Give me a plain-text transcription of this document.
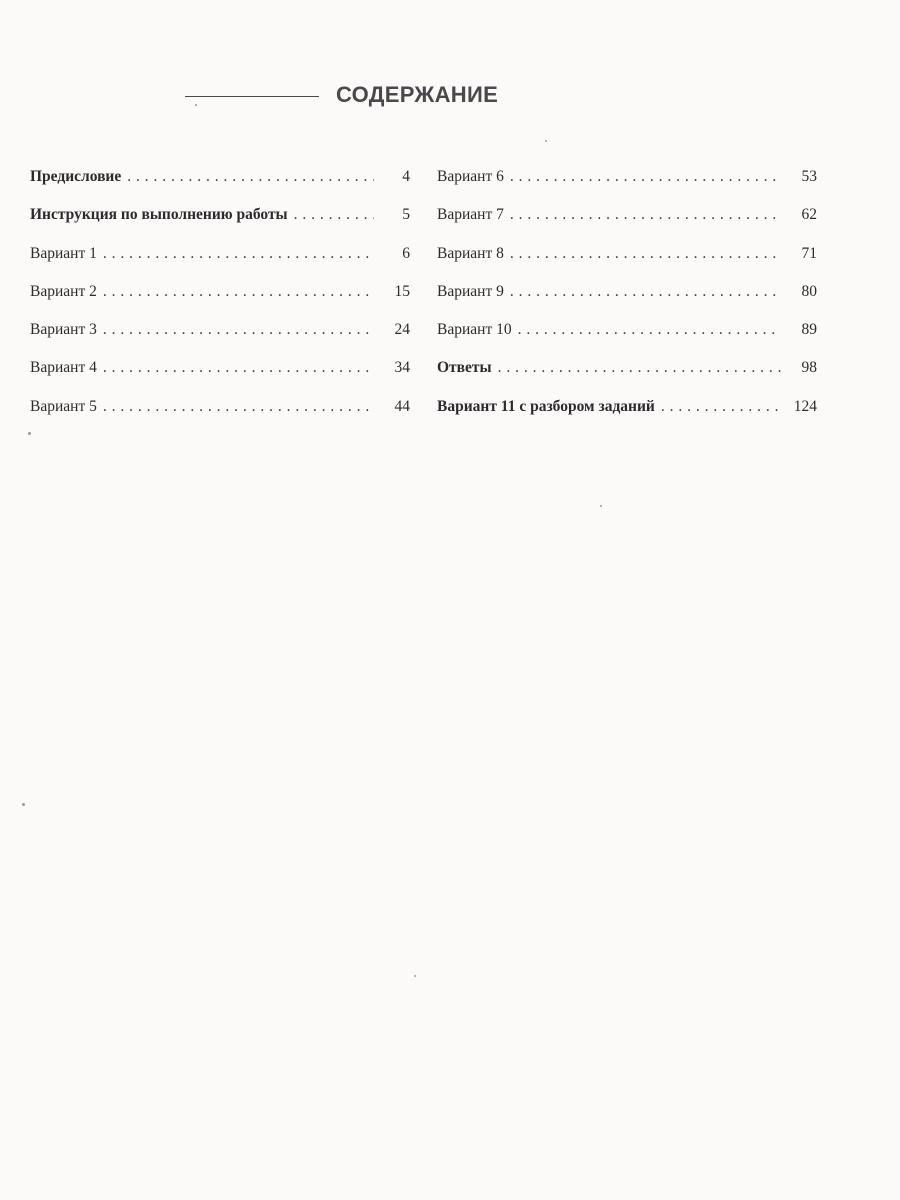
СОДЕРЖАНИЕ
Предисловие . . .	4
Инструкция по выполнению работы . . .	5
Вариант 1 . . .	6
Вариант 2 . . .	15
Вариант 3 . . .	24
Вариант 4 . . .	34
Вариант 5 . . .	44
Вариант 6 . . .	53
Вариант 7 . . .	62
Вариант 8 . . .	71
Вариант 9 . . .	80
Вариант 10 . . .	89
Ответы . . .	98
Вариант 11 с разбором заданий . . .	124
